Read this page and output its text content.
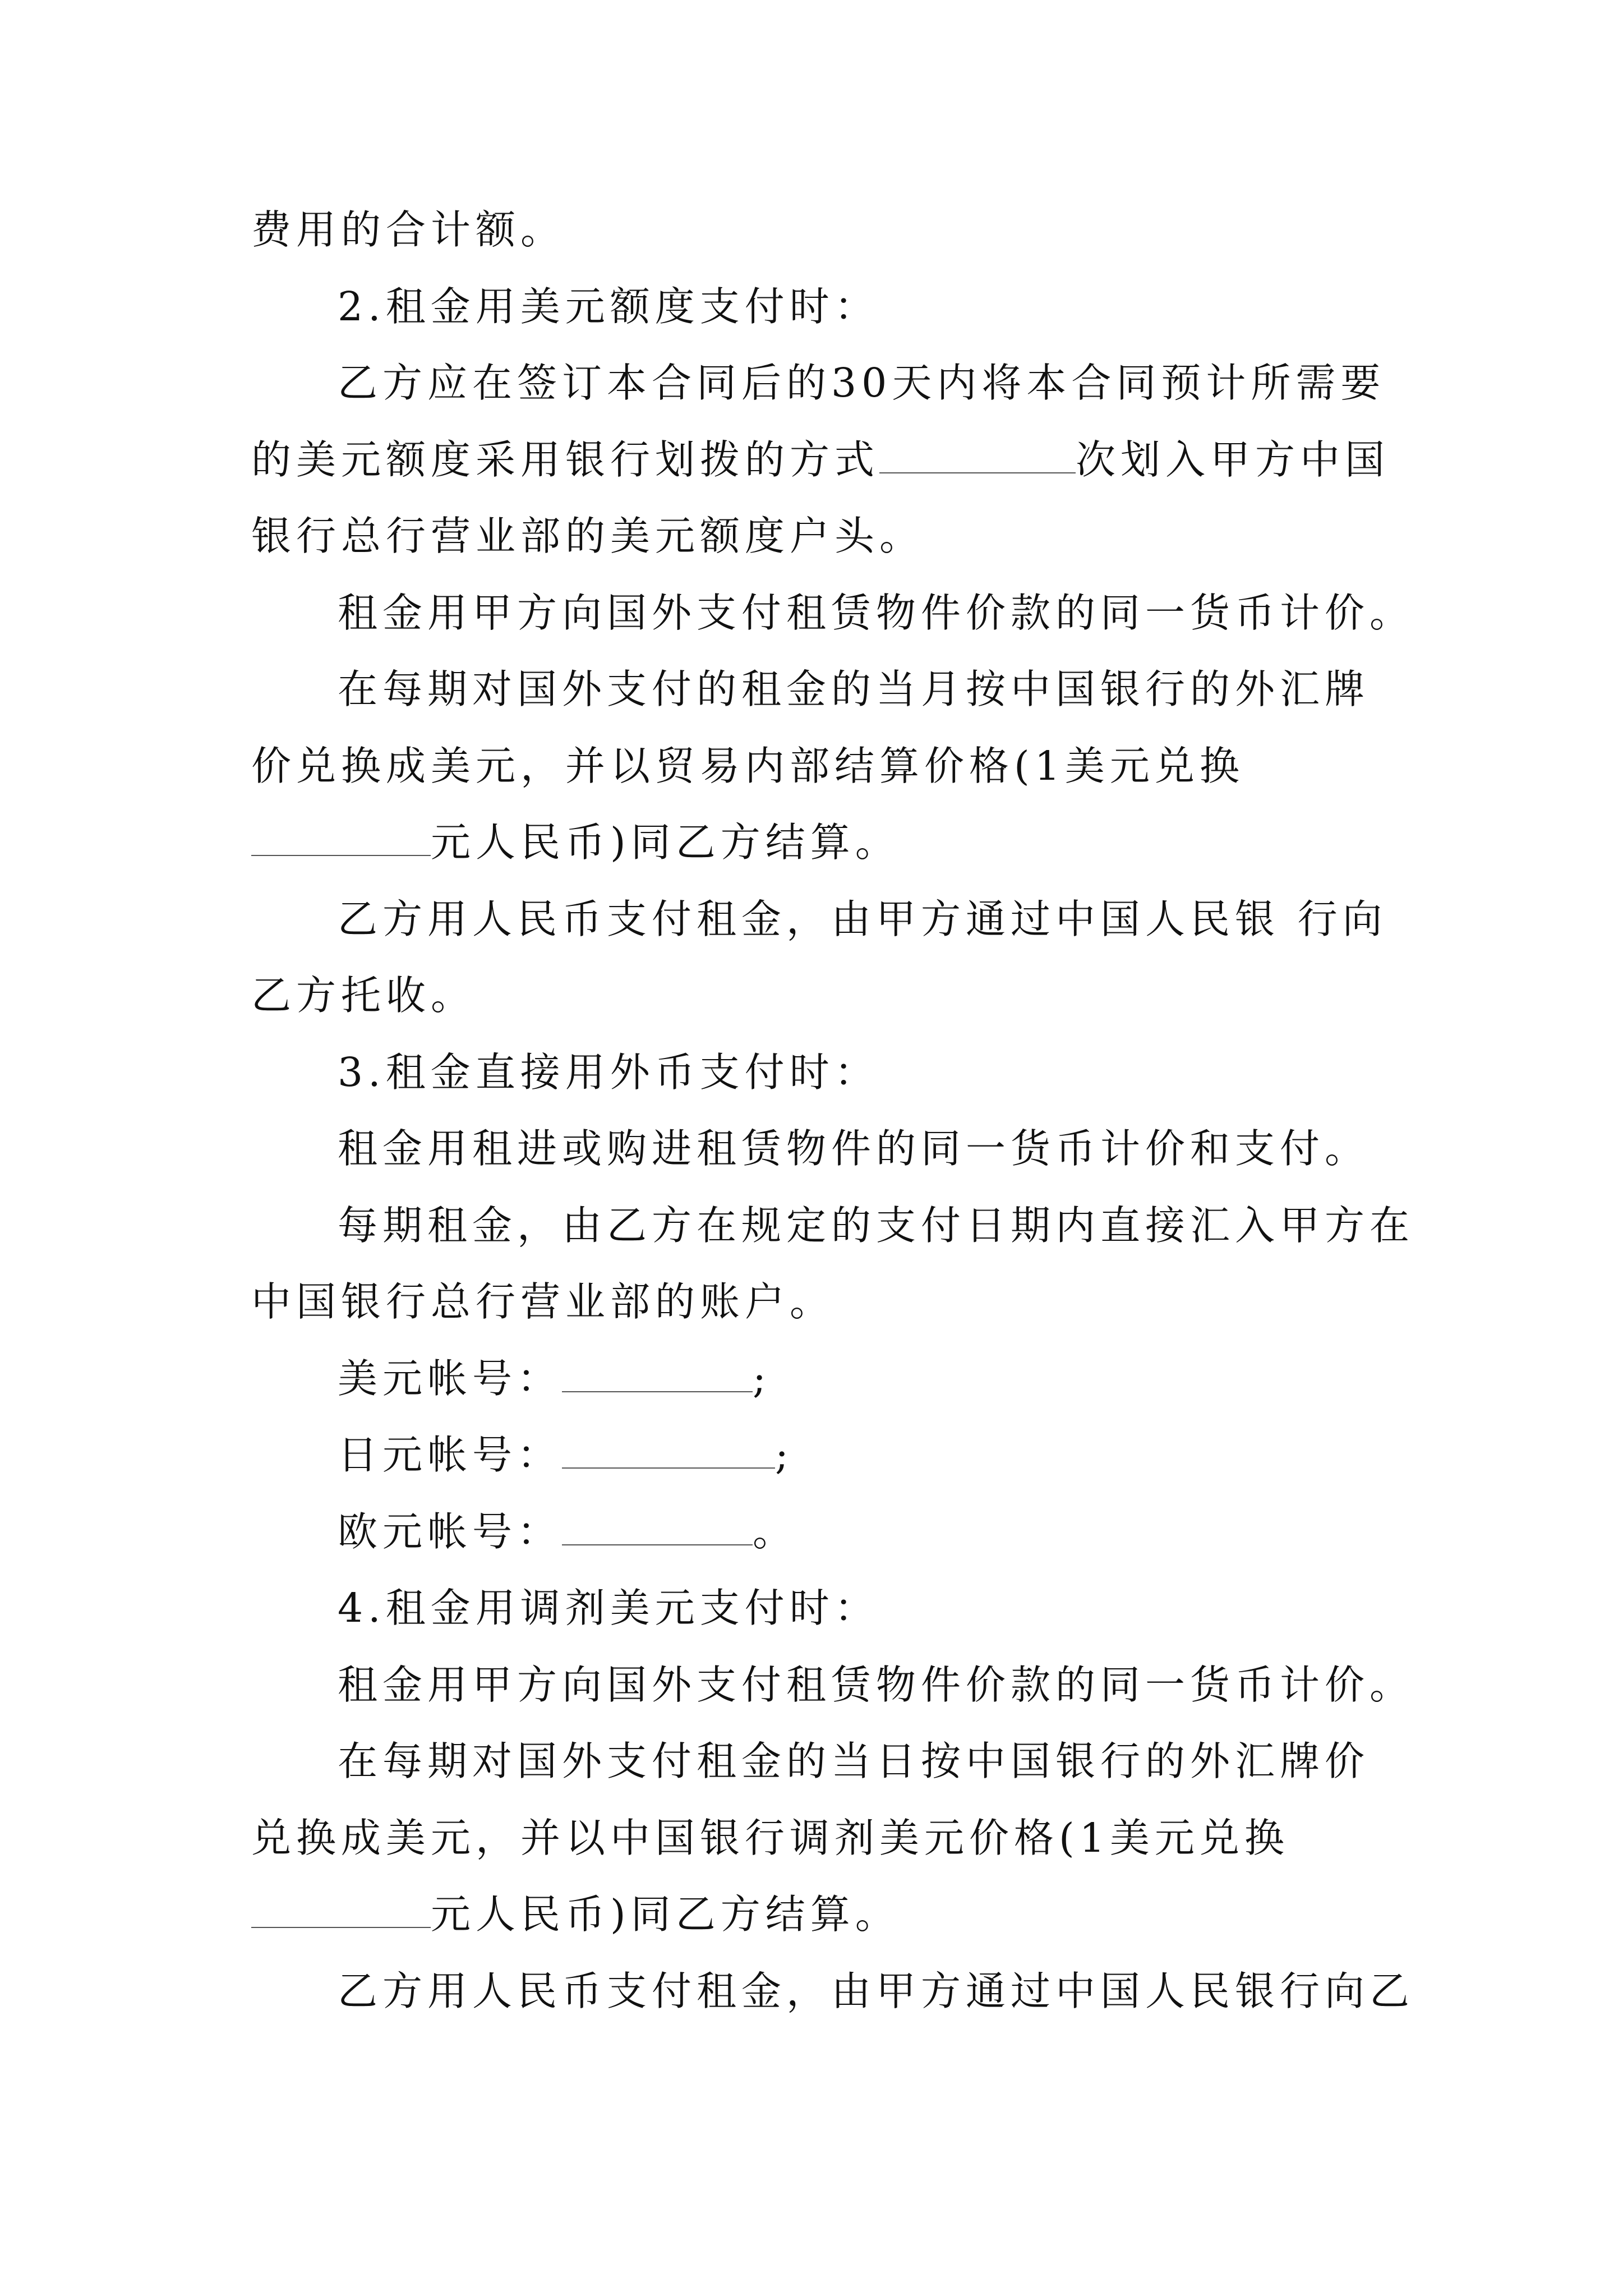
费用的合计额。
2.租金用美元额度支付时：
乙方应在签订本合同后的30天内将本合同预计所需要
的美元额度采用银行划拨的方式	次划入甲方中国
银行总行营业部的美元额度户头。
租金用甲方向国外支付租赁物件价款的同一货币计价。
在每期对国外支付的租金的当月按中国银行的外汇牌
价兑换成美元，并以贸易内部结算价格(1美元兑换
元人民币)同乙方结算。
乙方用人民币支付租金，由甲方通过中国人民银 行向
乙方托收。
3.租金直接用外币支付时：
租金用租进或购进租赁物件的同一货币计价和支付。
每期租金，由乙方在规定的支付日期内直接汇入甲方在
中国银行总行营业部的账户。
美元帐号：	;
日元帐号：	;
欧元帐号：	。
4.租金用调剂美元支付时：
租金用甲方向国外支付租赁物件价款的同一货币计价。
在每期对国外支付租金的当日按中国银行的外汇牌价
兑换成美元，并以中国银行调剂美元价格(1美元兑换
元人民币)同乙方结算。
乙方用人民币支付租金，由甲方通过中国人民银行向乙
